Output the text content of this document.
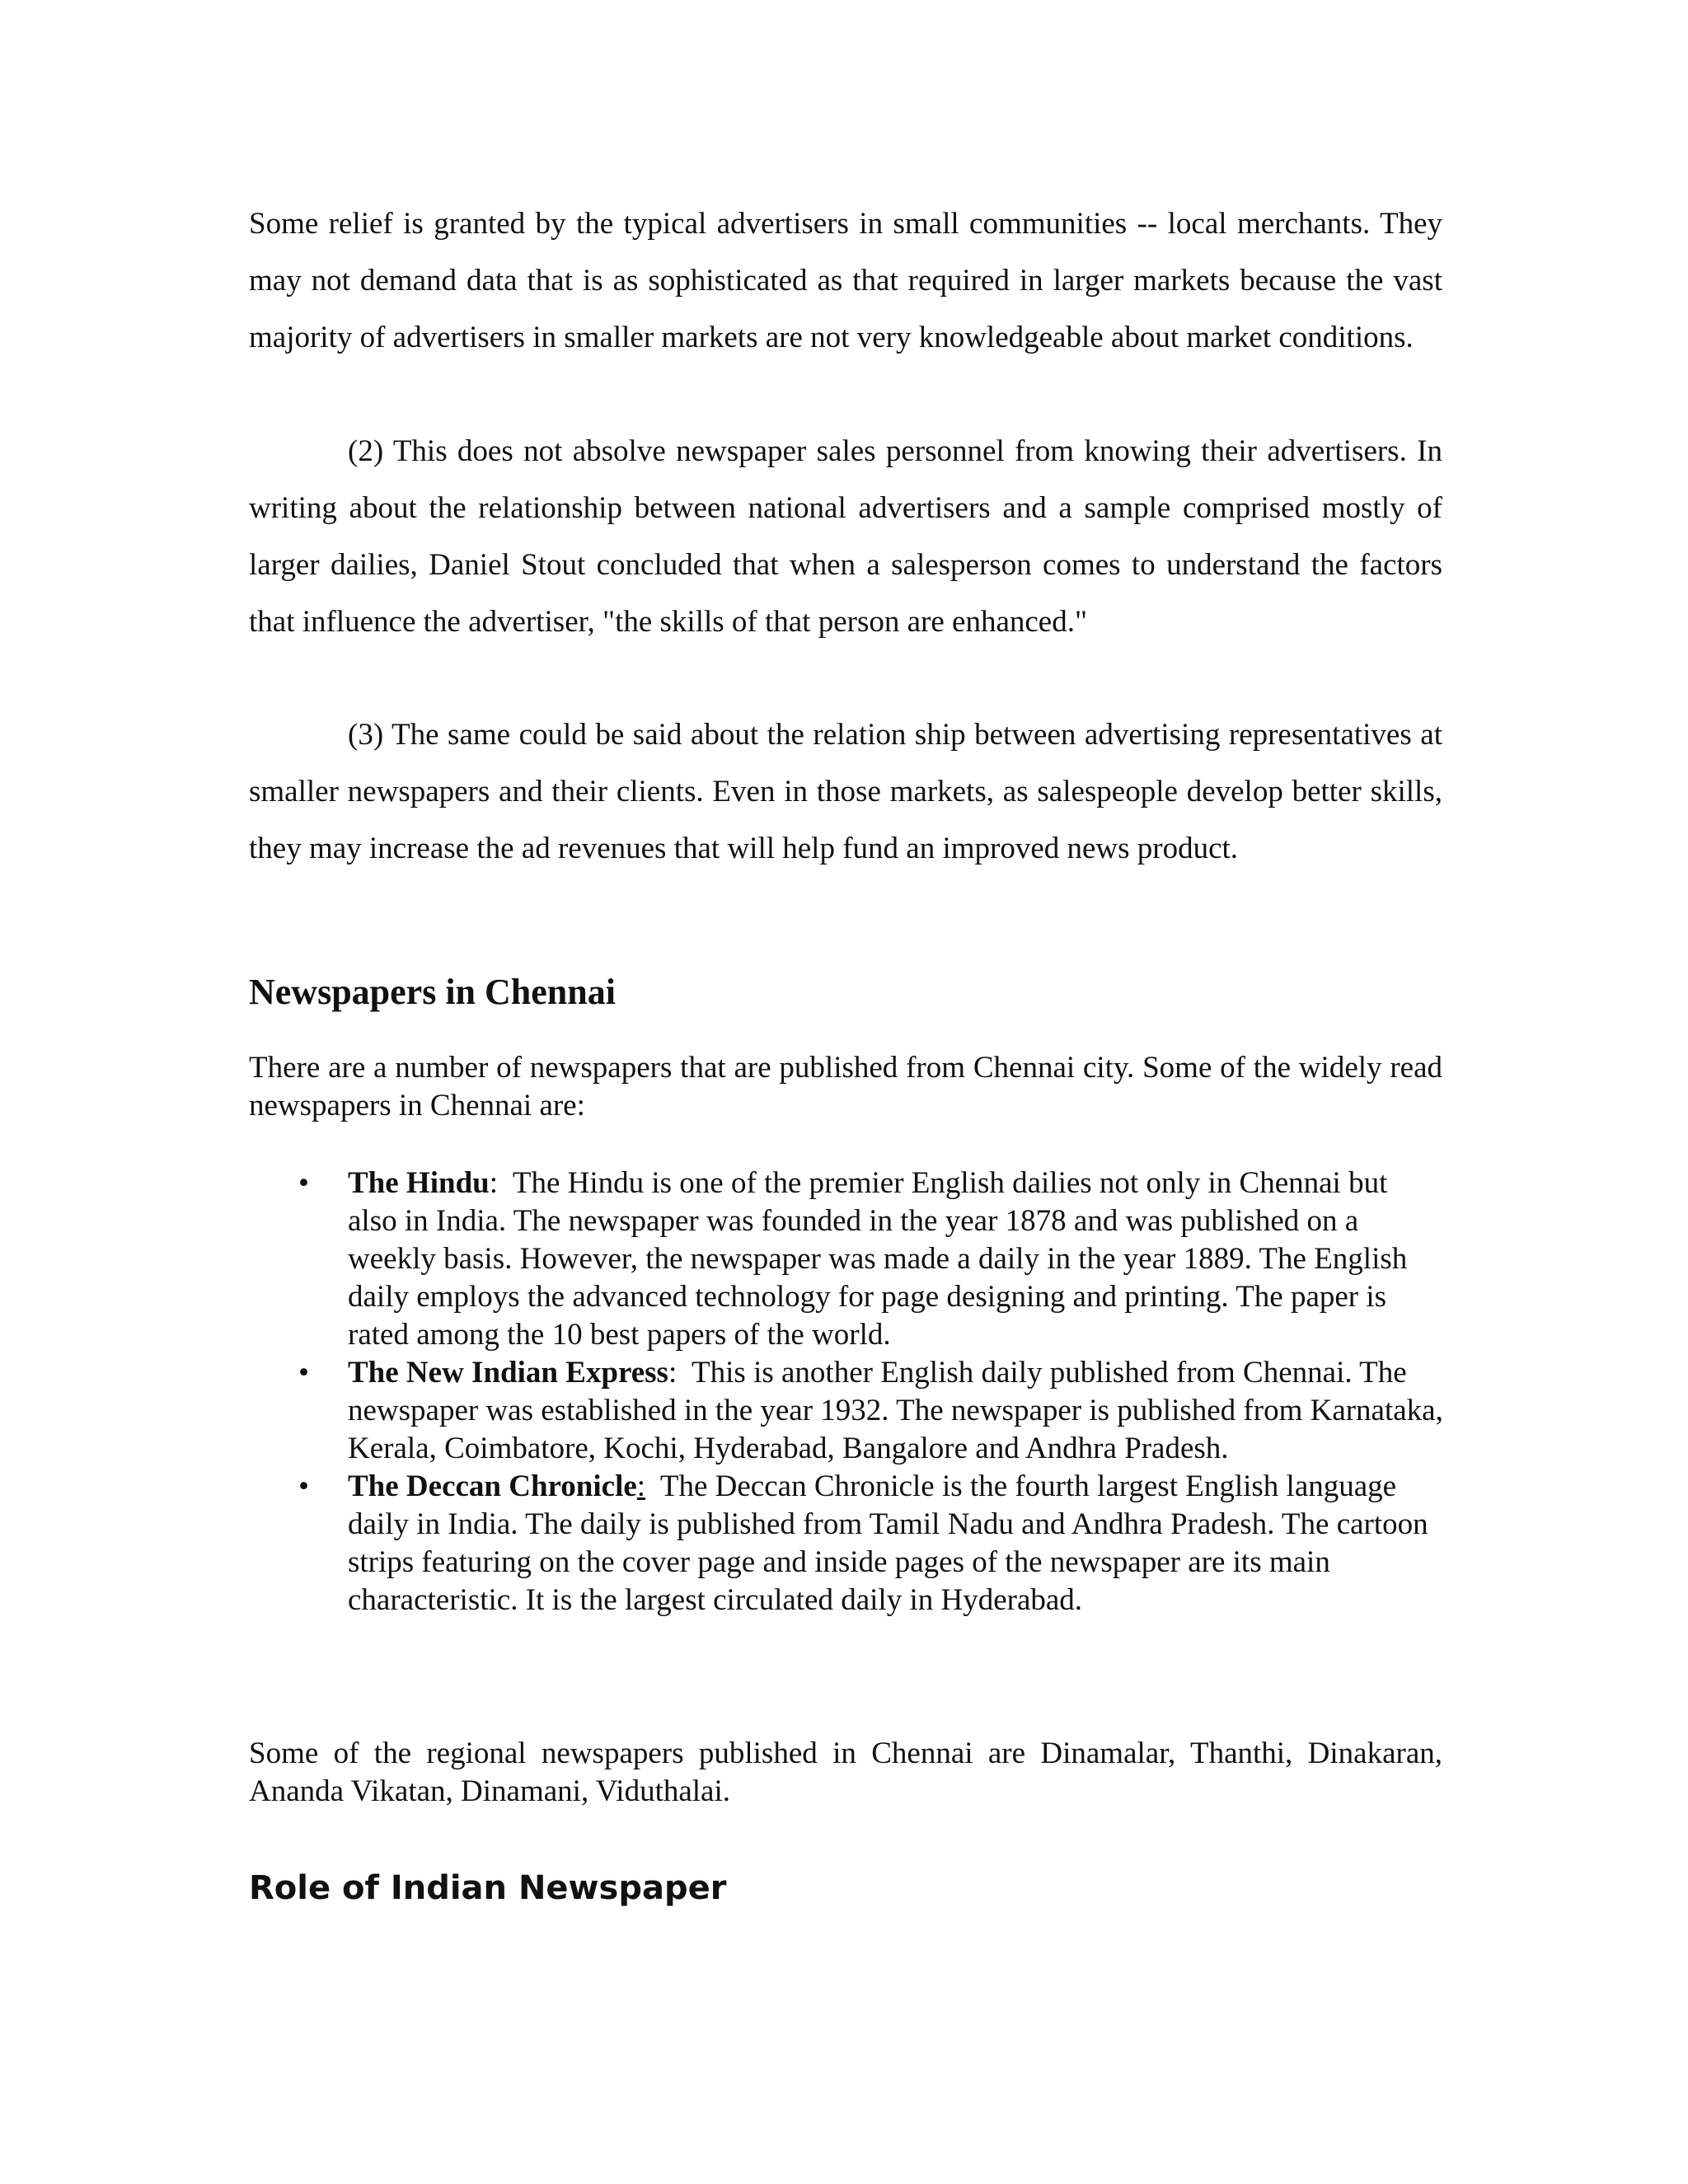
Some relief is granted by the typical advertisers in small communities -- local merchants. They may not demand data that is as sophisticated as that required in larger markets because the vast majority of advertisers in smaller markets are not very knowledgeable about market conditions.

(2) This does not absolve newspaper sales personnel from knowing their advertisers. In writing about the relationship between national advertisers and a sample comprised mostly of larger dailies, Daniel Stout concluded that when a salesperson comes to understand the factors that influence the advertiser, "the skills of that person are enhanced."

(3) The same could be said about the relation ship between advertising representatives at smaller newspapers and their clients. Even in those markets, as salespeople develop better skills, they may increase the ad revenues that will help fund an improved news product.

Newspapers in Chennai

There are a number of newspapers that are published from Chennai city. Some of the widely read newspapers in Chennai are:

• The Hindu:  The Hindu is one of the premier English dailies not only in Chennai but also in India. The newspaper was founded in the year 1878 and was published on a weekly basis. However, the newspaper was made a daily in the year 1889. The English daily employs the advanced technology for page designing and printing. The paper is rated among the 10 best papers of the world.
• The New Indian Express:  This is another English daily published from Chennai. The newspaper was established in the year 1932. The newspaper is published from Karnataka, Kerala, Coimbatore, Kochi, Hyderabad, Bangalore and Andhra Pradesh.
• The Deccan Chronicle:  The Deccan Chronicle is the fourth largest English language daily in India. The daily is published from Tamil Nadu and Andhra Pradesh. The cartoon strips featuring on the cover page and inside pages of the newspaper are its main characteristic. It is the largest circulated daily in Hyderabad.

Some of the regional newspapers published in Chennai are Dinamalar, Thanthi, Dinakaran, Ananda Vikatan, Dinamani, Viduthalai.

Role of Indian Newspaper
